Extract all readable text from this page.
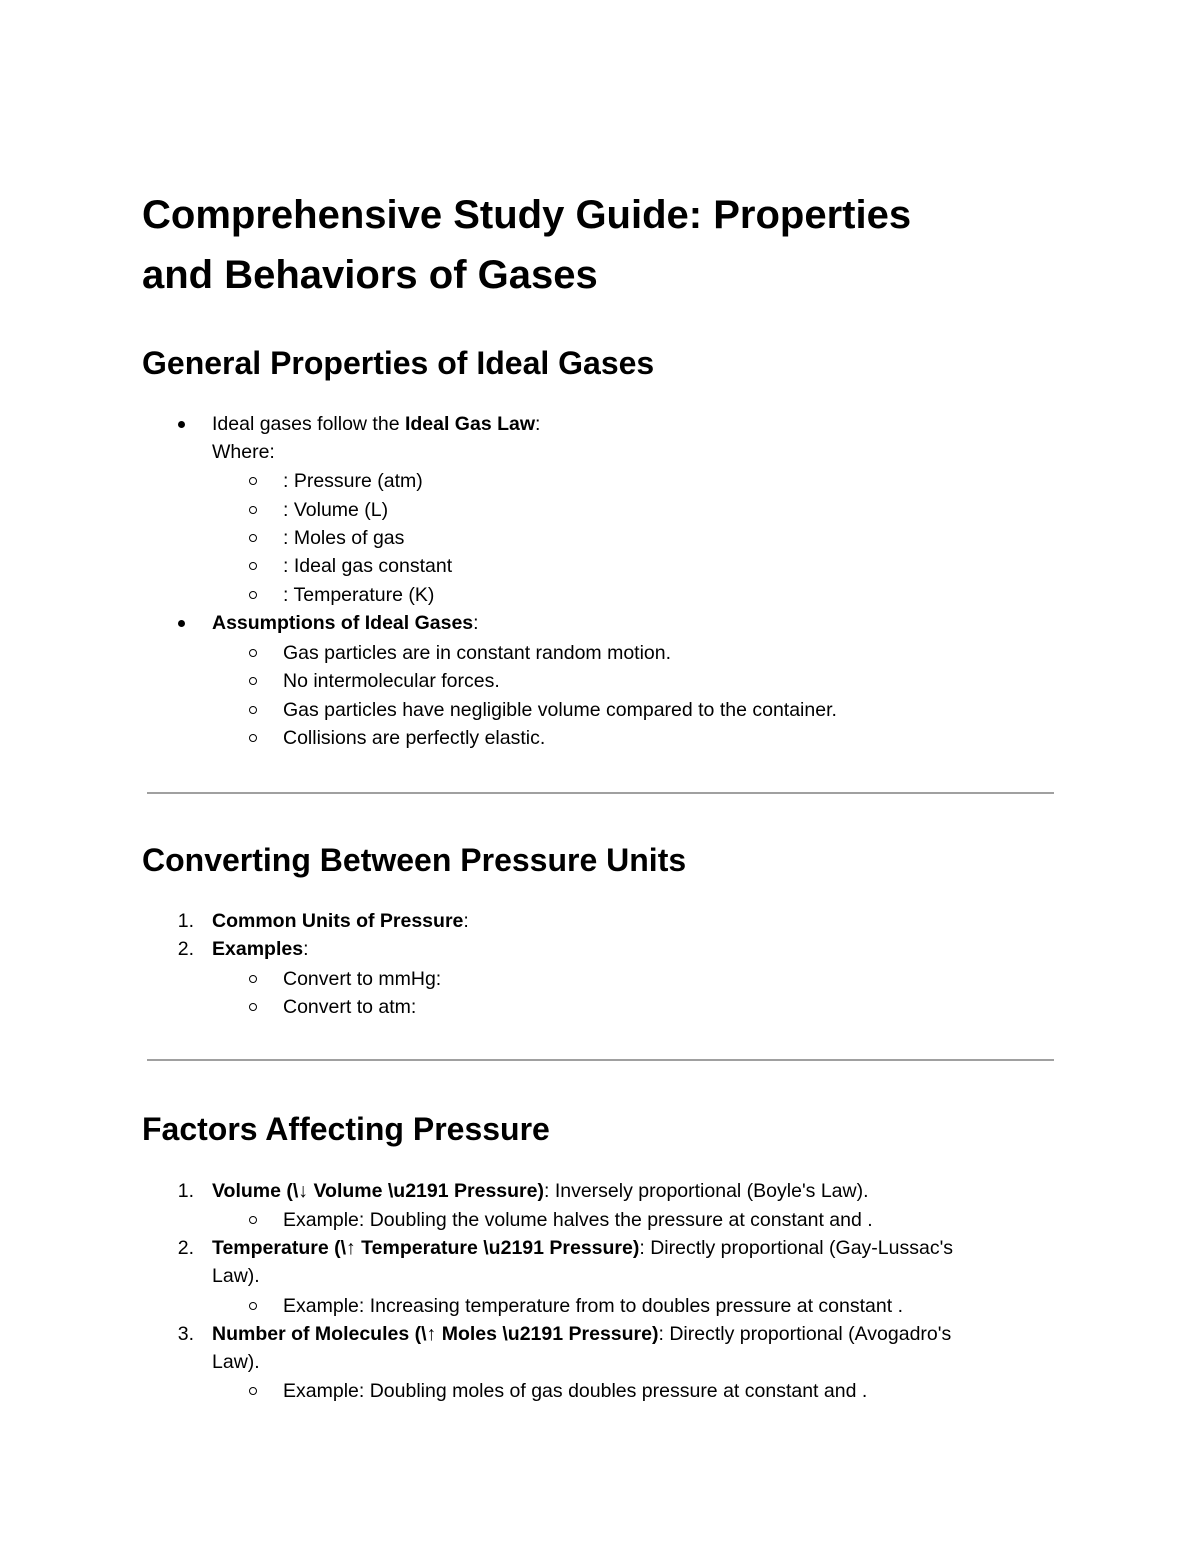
Comprehensive Study Guide: Properties
and Behaviors of Gases
General Properties of Ideal Gases
Ideal gases follow the Ideal Gas Law:
Where:
: Pressure (atm)
: Volume (L)
: Moles of gas
: Ideal gas constant
: Temperature (K)
Assumptions of Ideal Gases:
Gas particles are in constant random motion.
No intermolecular forces.
Gas particles have negligible volume compared to the container.
Collisions are perfectly elastic.
Converting Between Pressure Units
1. Common Units of Pressure:
2. Examples:
Convert to mmHg:
Convert to atm:
Factors Affecting Pressure
1. Volume (\↓ Volume \u2191 Pressure): Inversely proportional (Boyle's Law).
Example: Doubling the volume halves the pressure at constant and .
2. Temperature (\↑ Temperature \u2191 Pressure): Directly proportional (Gay-Lussac's
Law).
Example: Increasing temperature from to doubles pressure at constant .
3. Number of Molecules (\↑ Moles \u2191 Pressure): Directly proportional (Avogadro's
Law).
Example: Doubling moles of gas doubles pressure at constant and .
